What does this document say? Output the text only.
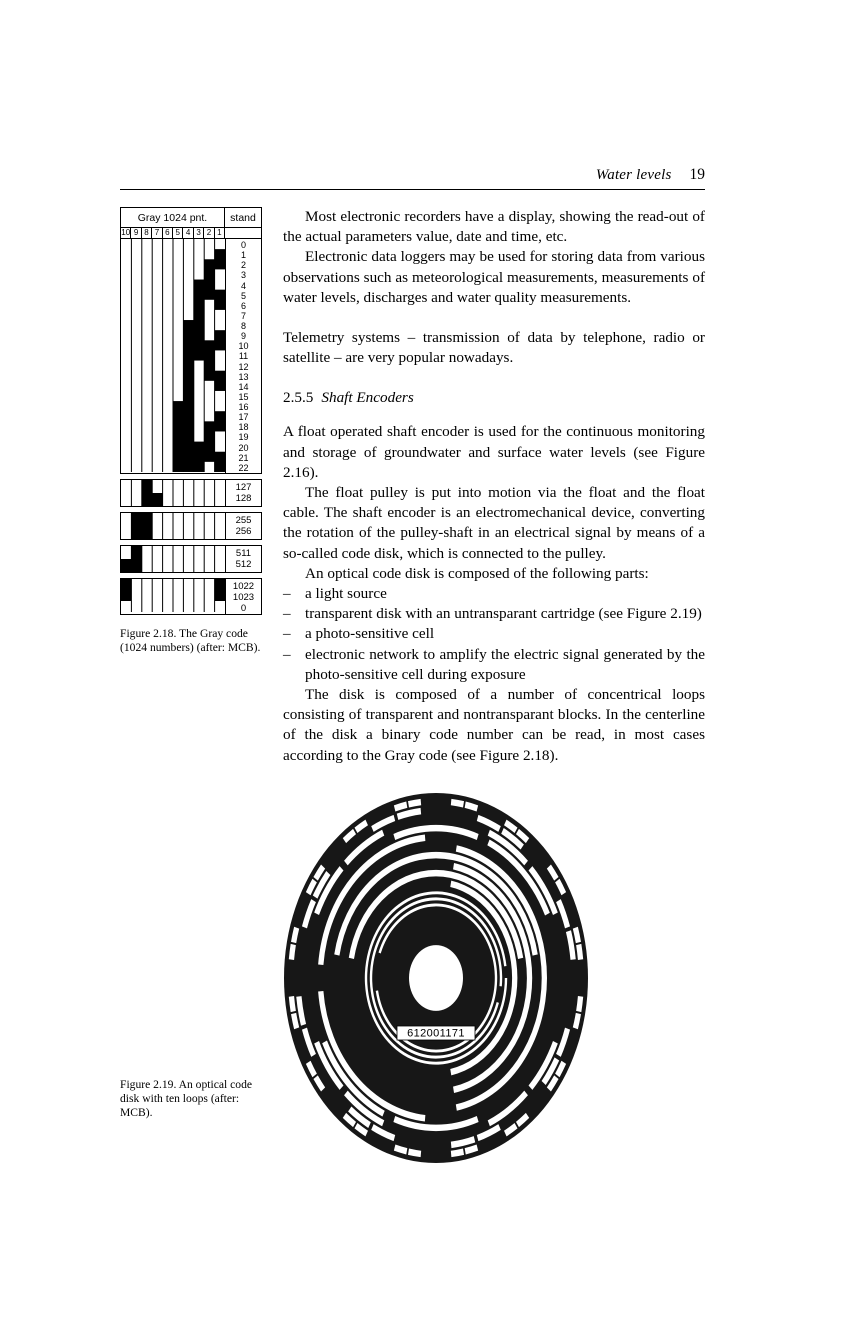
Water levels 19
Gray 1024 pnt.	stand
10 9 8 7 6 5 4 3 2 1
0
1
2
3
4
5
6
7
8
9
10
11
12
13
14
15
16
17
18
19
20
21
22
127
128
255
256
511
512
1022
1023
0
Figure 2.18. The Gray code (1024 numbers) (after: MCB).

Most electronic recorders have a display, showing the read-out of the actual parameters value, date and time, etc.

Electronic data loggers may be used for storing data from various observations such as meteorological measurements, measurements of water levels, discharges and water quality measurements.

Telemetry systems – transmission of data by telephone, radio or satellite – are very popular nowadays.

2.5.5 Shaft Encoders

A float operated shaft encoder is used for the continuous monitoring and storage of groundwater and surface water levels (see Figure 2.16).

The float pulley is put into motion via the float and the float cable. The shaft encoder is an electromechanical device, converting the rotation of the pulley-shaft in an electrical signal by means of a so-called code disk, which is connected to the pulley.

An optical code disk is composed of the following parts:

– a light source
– transparent disk with an untransparant cartridge (see Figure 2.19)
– a photo-sensitive cell
– electronic network to amplify the electric signal generated by the photo-sensitive cell during exposure

The disk is composed of a number of concentrical loops consisting of transparent and nontransparant blocks. In the centerline of the disk a binary code number can be read, in most cases according to the Gray code (see Figure 2.18).

612001171
Figure 2.19. An optical code disk with ten loops (after: MCB).
